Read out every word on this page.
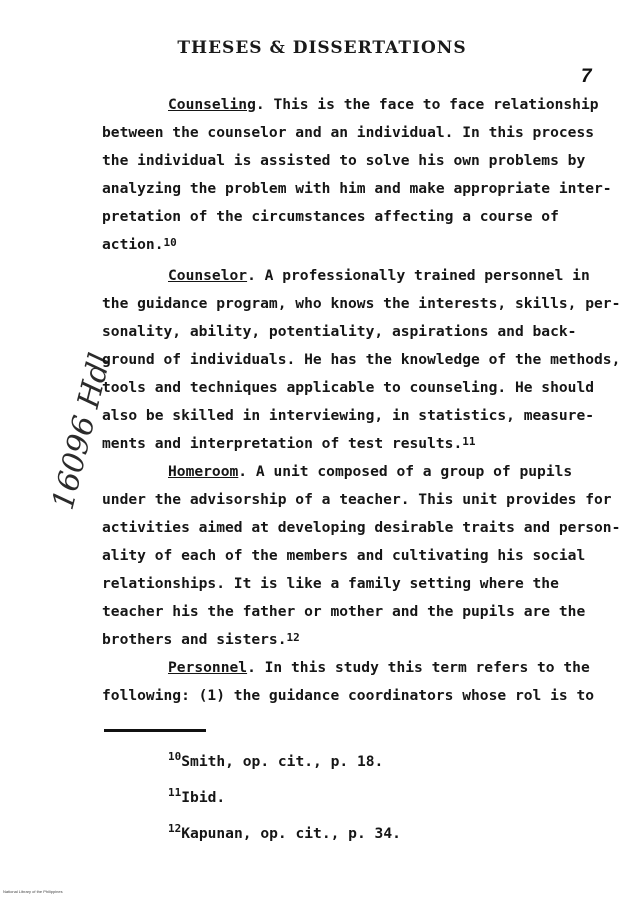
THESES & DISSERTATIONS
7
16096 Hdl
Counseling. This is the face to face relationship
between the counselor and an individual. In this process
the individual is assisted to solve his own problems by
analyzing the problem with him and make appropriate inter-
pretation of the circumstances affecting a course of
action.$^{10}$
Counselor. A professionally trained personnel in
the guidance program, who knows the interests, skills, per-
sonality, ability, potentiality, aspirations and back-
ground of individuals. He has the knowledge of the methods,
tools and techniques applicable to counseling. He should
also be skilled in interviewing, in statistics, measure-
ments and interpretation of test results.$^{11}$
Homeroom. A unit composed of a group of pupils
under the advisorship of a teacher. This unit provides for
activities aimed at developing desirable traits and person-
ality of each of the members and cultivating his social
relationships. It is like a family setting where the
teacher his the father or mother and the pupils are the
brothers and sisters.$^{12}$
Personnel. In this study this term refers to the
following: (1) the guidance coordinators whose rol is to
$^{10}$Smith, op. cit., p. 18.
$^{11}$Ibid.
$^{12}$Kapunan, op. cit., p. 34.
National Library of the Philippines
